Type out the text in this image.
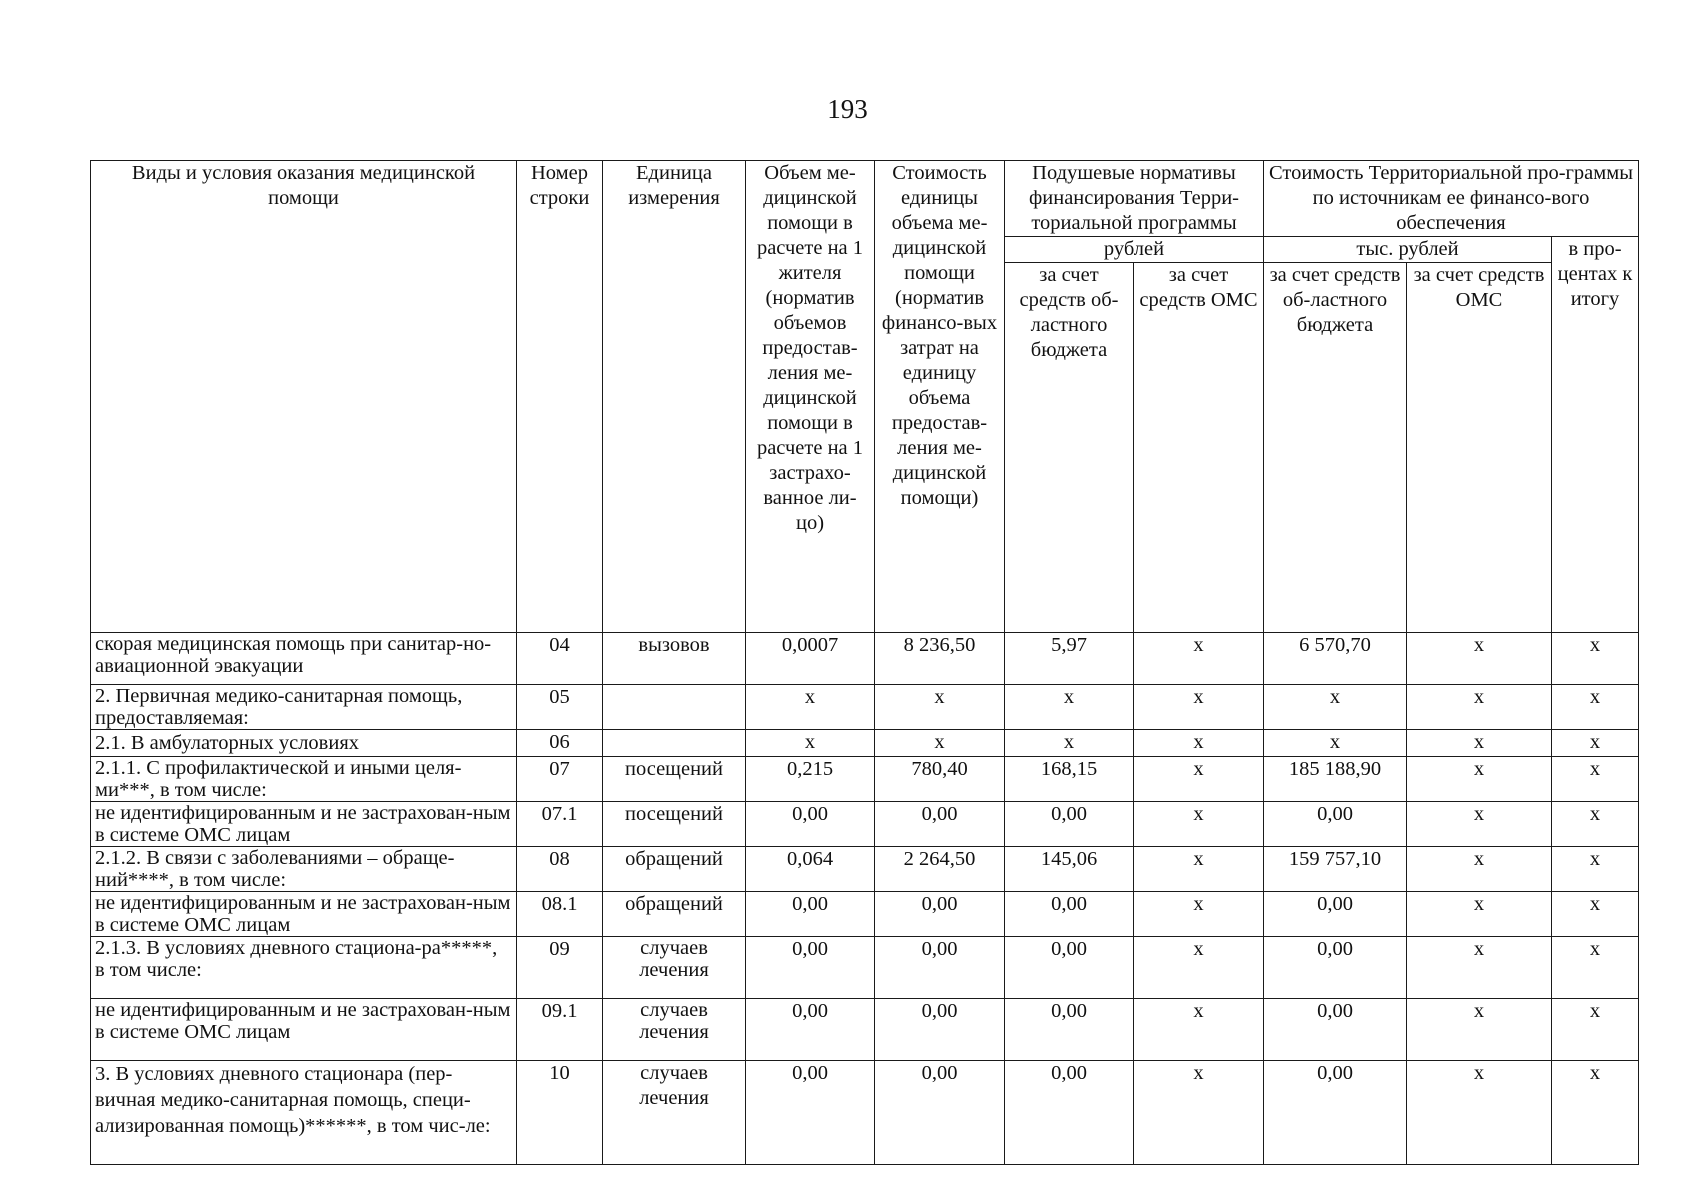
193
Виды и условия оказания медицинской помощи	Номер строки	Единица измерения	Объем ме-дицинской помощи в расчете на 1 жителя (норматив объемов предостав-ления ме-дицинской помощи в расчете на 1 застрахо-ванное ли-цо)	Стоимость единицы объема ме-дицинской помощи (норматив финансо-вых затрат на единицу объема предостав-ления ме-дицинской помощи)	Подушевые нормативы финансирования Терри-ториальной программы		Стоимость Территориальной про-граммы по источникам ее финансо-вого обеспечения		
					рублей		тыс. рублей		в про-центах к итогу
					за счет средств об-ластного бюджета	за счет средств ОМС	за счет средств об-ластного бюджета	за счет средств ОМС	
скорая медицинская помощь при санитар-но-авиационной эвакуации	04	вызовов	0,0007	8 236,50	5,97	х	6 570,70	х	х
2. Первичная медико-санитарная помощь, предоставляемая:	05		х	х	х	х	х	х	х
2.1. В амбулаторных условиях	06		х	х	х	х	х	х	х
2.1.1. С профилактической и иными целя-ми***, в том числе:	07	посещений	0,215	780,40	168,15	х	185 188,90	х	х
не идентифицированным и не застрахован-ным в системе ОМС лицам	07.1	посещений	0,00	0,00	0,00	х	0,00	х	х
2.1.2. В связи с заболеваниями – обраще-ний****, в том числе:	08	обращений	0,064	2 264,50	145,06	х	159 757,10	х	х
не идентифицированным и не застрахован-ным в системе ОМС лицам	08.1	обращений	0,00	0,00	0,00	х	0,00	х	х
2.1.3. В условиях дневного стациона-ра*****, в том числе:	09	случаев лечения	0,00	0,00	0,00	х	0,00	х	х
не идентифицированным и не застрахован-ным в системе ОМС лицам	09.1	случаев лечения	0,00	0,00	0,00	х	0,00	х	х
3. В условиях дневного стационара (пер-вичная медико-санитарная помощь, специ-ализированная помощь)******, в том чис-ле:	10	случаев лечения	0,00	0,00	0,00	х	0,00	х	х
